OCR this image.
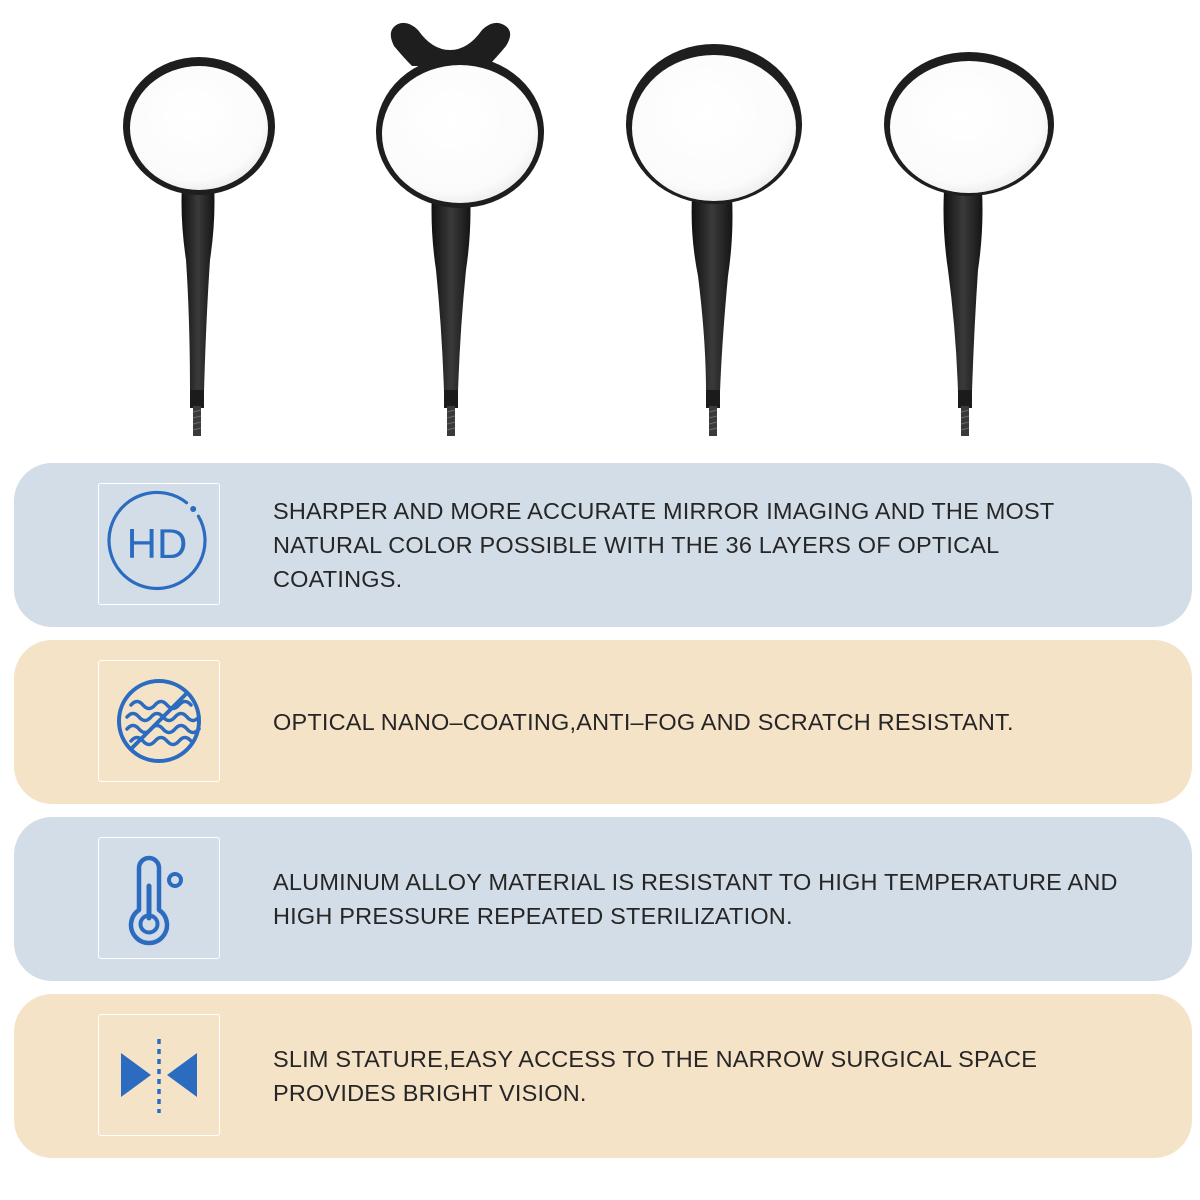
HD

SHARPER AND MORE ACCURATE MIRROR IMAGING AND THE MOST NATURAL COLOR POSSIBLE WITH THE 36 LAYERS OF OPTICAL COATINGS.

OPTICAL NANO–COATING,ANTI–FOG AND SCRATCH RESISTANT.

ALUMINUM ALLOY MATERIAL IS RESISTANT TO HIGH TEMPERATURE AND HIGH PRESSURE REPEATED STERILIZATION.

SLIM STATURE,EASY ACCESS TO THE NARROW SURGICAL SPACE PROVIDES BRIGHT VISION.
